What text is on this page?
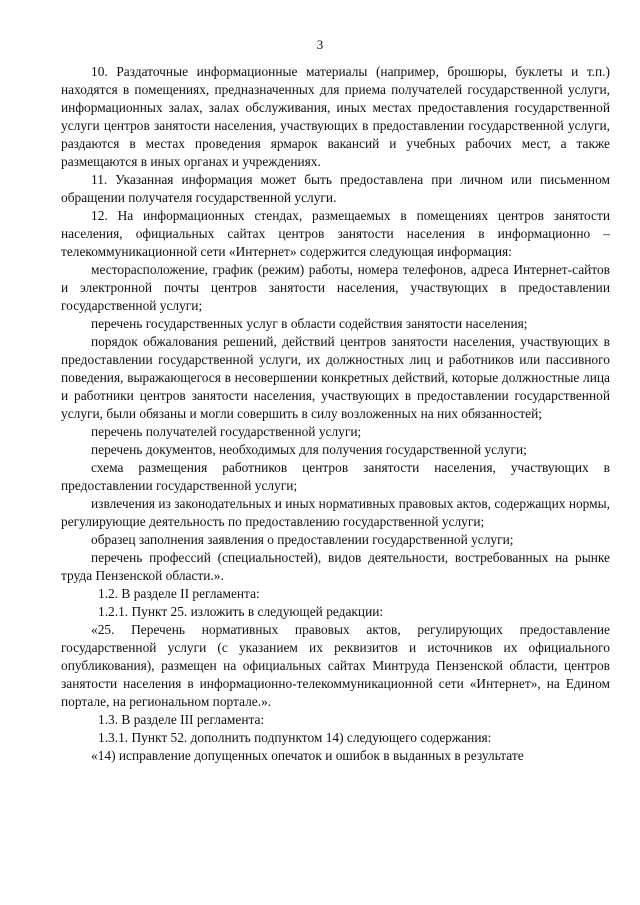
3

10. Раздаточные информационные материалы (например, брошюры, буклеты и т.п.) находятся в помещениях, предназначенных для приема получателей государственной услуги, информационных залах, залах обслуживания, иных местах предоставления государственной услуги центров занятости населения, участвующих в предоставлении государственной услуги, раздаются в местах проведения ярмарок вакансий и учебных рабочих мест, а также размещаются в иных органах и учреждениях.

11. Указанная информация может быть предоставлена при личном или письменном обращении получателя государственной услуги.

12. На информационных стендах, размещаемых в помещениях центров занятости населения, официальных сайтах центров занятости населения в информационно – телекоммуникационной сети «Интернет» содержится следующая информация:

месторасположение, график (режим) работы, номера телефонов, адреса Интернет-сайтов и электронной почты центров занятости населения, участвующих в предоставлении государственной услуги;

перечень государственных услуг в области содействия занятости населения;

порядок обжалования решений, действий центров занятости населения, участвующих в предоставлении государственной услуги, их должностных лиц и работников или пассивного поведения, выражающегося в несовершении конкретных действий, которые должностные лица и работники центров занятости населения, участвующих в предоставлении государственной услуги, были обязаны и могли совершить в силу возложенных на них обязанностей;

перечень получателей государственной услуги;

перечень документов, необходимых для получения государственной услуги;

схема размещения работников центров занятости населения, участвующих в предоставлении государственной услуги;

извлечения из законодательных и иных нормативных правовых актов, содержащих нормы, регулирующие деятельность по предоставлению государственной услуги;

образец заполнения заявления о предоставлении государственной услуги;

перечень профессий (специальностей), видов деятельности, востребованных на рынке труда Пензенской области.».

1.2. В разделе II регламента:

1.2.1. Пункт 25. изложить в следующей редакции:

«25. Перечень нормативных правовых актов, регулирующих предоставление государственной услуги (с указанием их реквизитов и источников их официального опубликования), размещен на официальных сайтах Минтруда Пензенской области, центров занятости населения в информационно-телекоммуникационной сети «Интернет», на Едином портале, на региональном портале.».

1.3. В разделе III регламента:

1.3.1. Пункт 52. дополнить подпунктом 14) следующего содержания:

«14) исправление допущенных опечаток и ошибок в выданных в результате
